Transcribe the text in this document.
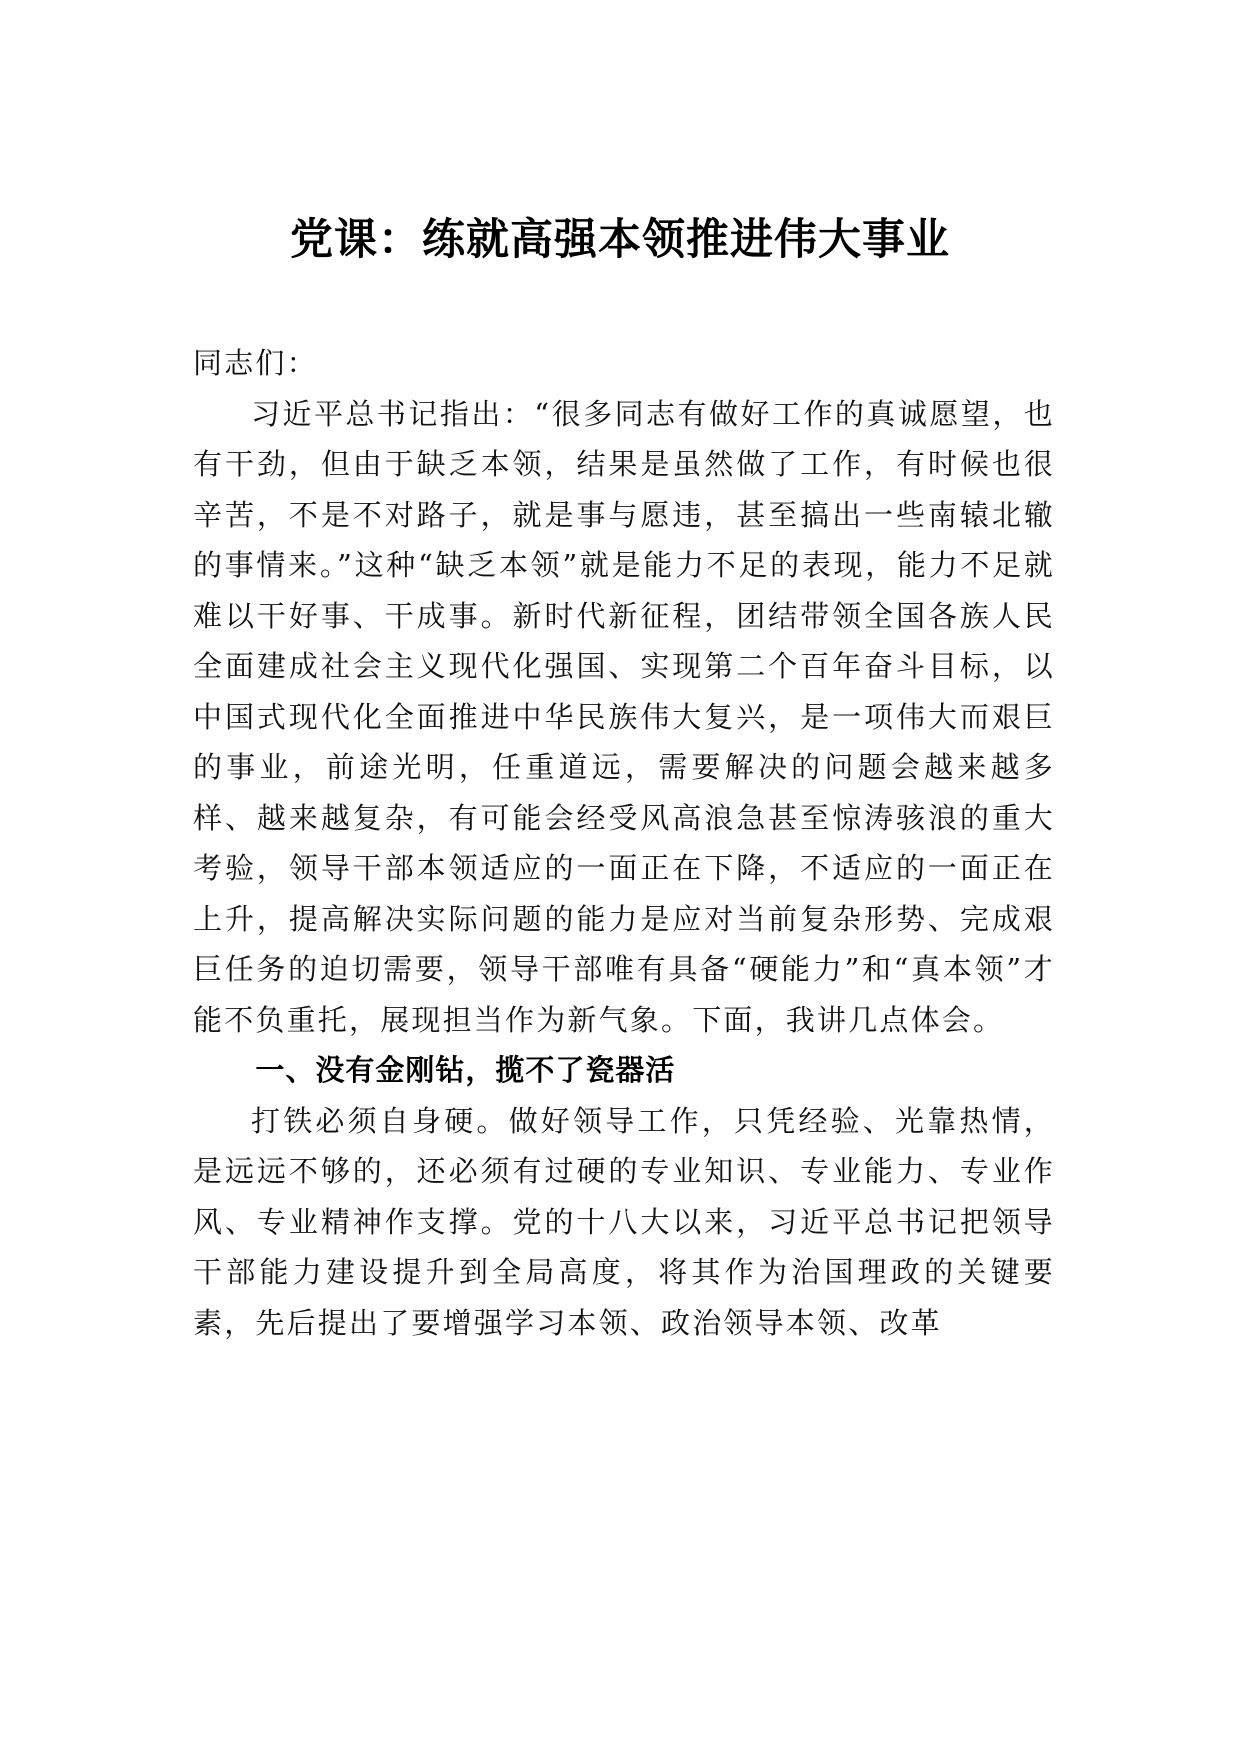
党课：练就高强本领推进伟大事业

同志们：

习近平总书记指出：“很多同志有做好工作的真诚愿望，也有干劲，但由于缺乏本领，结果是虽然做了工作，有时候也很辛苦，不是不对路子，就是事与愿违，甚至搞出一些南辕北辙的事情来。”这种“缺乏本领”就是能力不足的表现，能力不足就难以干好事、干成事。新时代新征程，团结带领全国各族人民全面建成社会主义现代化强国、实现第二个百年奋斗目标，以中国式现代化全面推进中华民族伟大复兴，是一项伟大而艰巨的事业，前途光明，任重道远，需要解决的问题会越来越多样、越来越复杂，有可能会经受风高浪急甚至惊涛骇浪的重大考验，领导干部本领适应的一面正在下降，不适应的一面正在上升，提高解决实际问题的能力是应对当前复杂形势、完成艰巨任务的迫切需要，领导干部唯有具备“硬能力”和“真本领”才能不负重托，展现担当作为新气象。下面，我讲几点体会。

一、没有金刚钻，揽不了瓷器活

打铁必须自身硬。做好领导工作，只凭经验、光靠热情，是远远不够的，还必须有过硬的专业知识、专业能力、专业作风、专业精神作支撑。党的十八大以来，习近平总书记把领导干部能力建设提升到全局高度，将其作为治国理政的关键要素，先后提出了要增强学习本领、政治领导本领、改革
